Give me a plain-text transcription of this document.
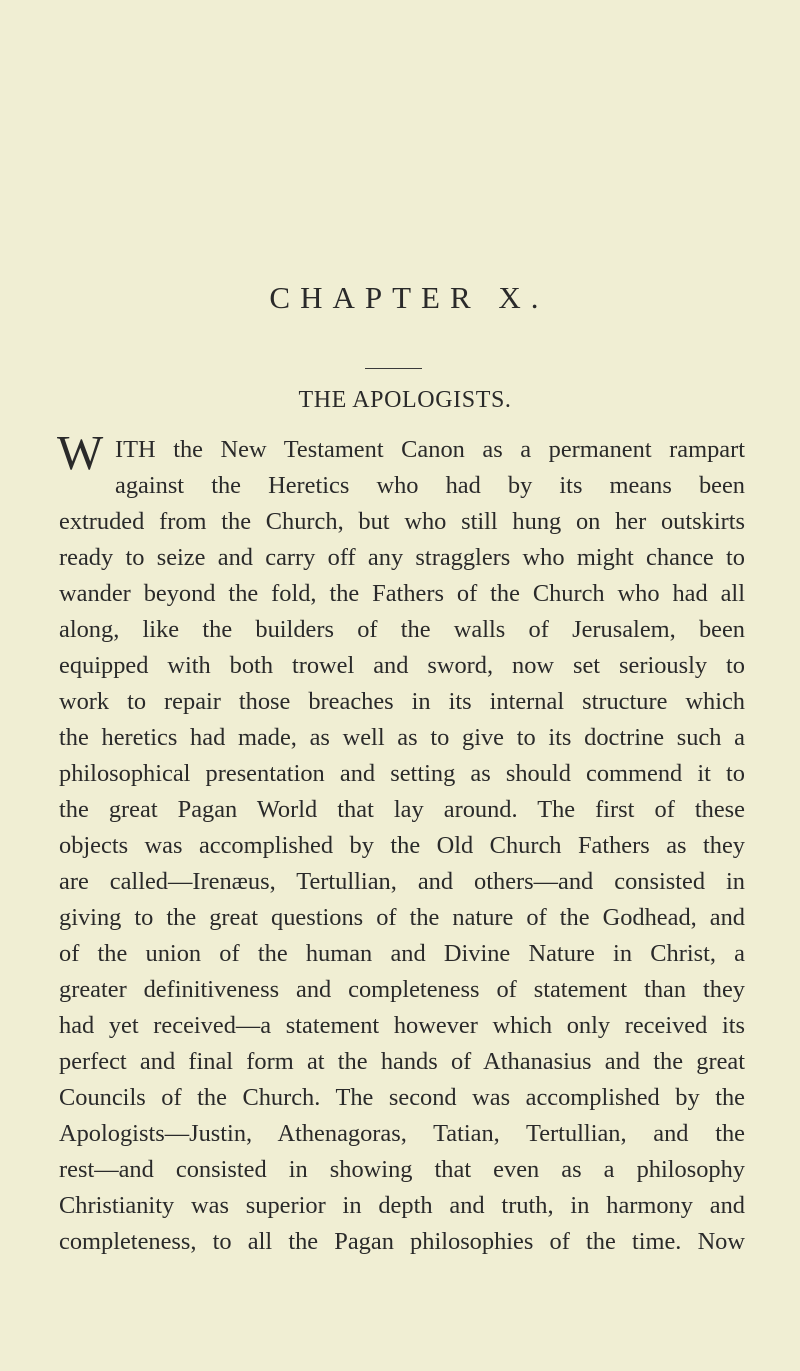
CHAPTER X.
THE APOLOGISTS.
W ITH the New Testament Canon as a permanent rampart
against the Heretics who had by its means been
extruded from the Church, but who still hung on her outskirts
ready to seize and carry off any stragglers who might chance to
wander beyond the fold, the Fathers of the Church who had all
along, like the builders of the walls of Jerusalem, been
equipped with both trowel and sword, now set seriously to
work to repair those breaches in its internal structure which
the heretics had made, as well as to give to its doctrine such a
philosophical presentation and setting as should commend it to
the great Pagan World that lay around. The first of these
objects was accomplished by the Old Church Fathers as they
are called—Irenæus, Tertullian, and others—and consisted in
giving to the great questions of the nature of the Godhead, and
of the union of the human and Divine Nature in Christ, a
greater definitiveness and completeness of statement than they
had yet received—a statement however which only received its
perfect and final form at the hands of Athanasius and the great
Councils of the Church. The second was accomplished by the
Apologists—Justin, Athenagoras, Tatian, Tertullian, and the
rest—and consisted in showing that even as a philosophy
Christianity was superior in depth and truth, in harmony and
completeness, to all the Pagan philosophies of the time. Now
